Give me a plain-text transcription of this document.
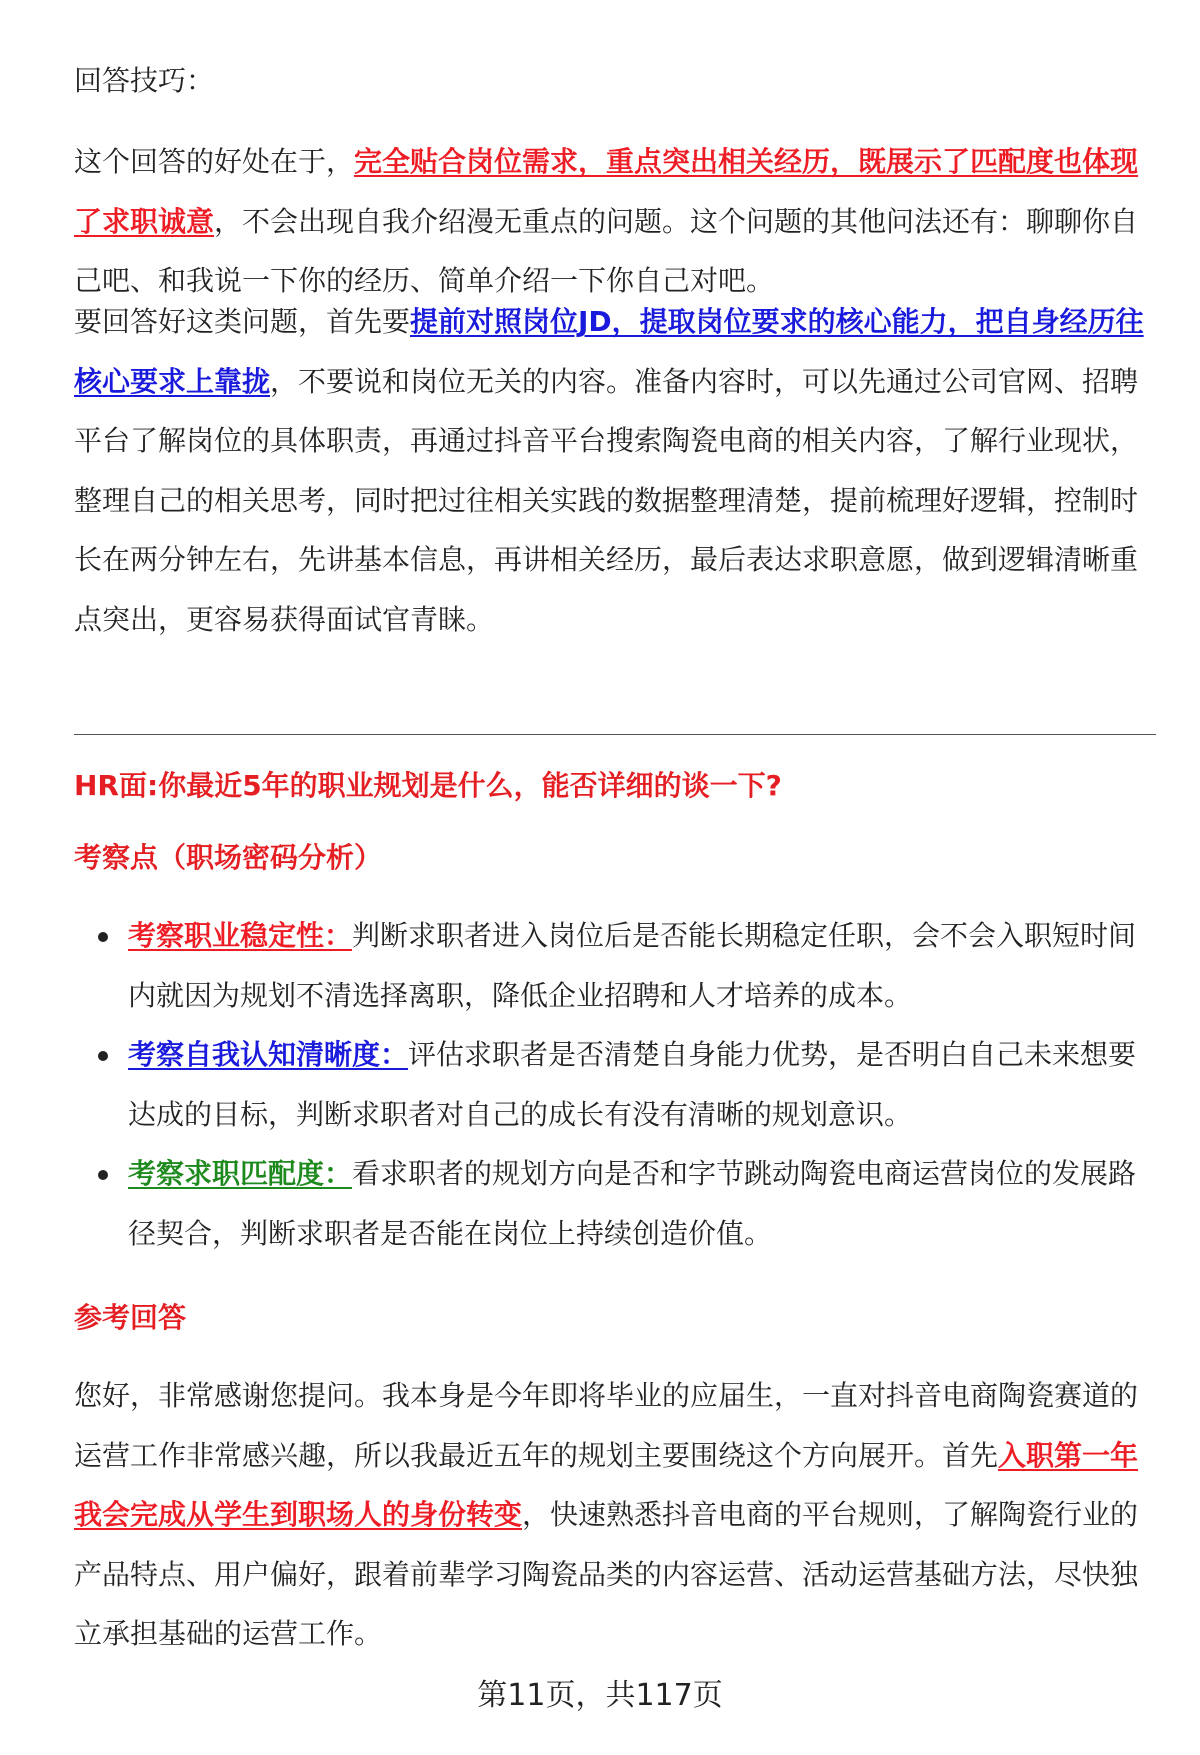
回答技巧：

这个回答的好处在于，完全贴合岗位需求，重点突出相关经历，既展示了匹配度也体现了求职诚意，不会出现自我介绍漫无重点的问题。这个问题的其他问法还有：聊聊你自己吧、和我说一下你的经历、简单介绍一下你自己对吧。

要回答好这类问题，首先要提前对照岗位JD，提取岗位要求的核心能力，把自身经历往核心要求上靠拢，不要说和岗位无关的内容。准备内容时，可以先通过公司官网、招聘平台了解岗位的具体职责，再通过抖音平台搜索陶瓷电商的相关内容，了解行业现状，整理自己的相关思考，同时把过往相关实践的数据整理清楚，提前梳理好逻辑，控制时长在两分钟左右，先讲基本信息，再讲相关经历，最后表达求职意愿，做到逻辑清晰重点突出，更容易获得面试官青睐。

HR面:你最近5年的职业规划是什么，能否详细的谈一下?
考察点（职场密码分析）
考察职业稳定性：判断求职者进入岗位后是否能长期稳定任职，会不会入职短时间内就因为规划不清选择离职，降低企业招聘和人才培养的成本。
考察自我认知清晰度：评估求职者是否清楚自身能力优势，是否明白自己未来想要达成的目标，判断求职者对自己的成长有没有清晰的规划意识。
考察求职匹配度：看求职者的规划方向是否和字节跳动陶瓷电商运营岗位的发展路径契合，判断求职者是否能在岗位上持续创造价值。
参考回答

您好，非常感谢您提问。我本身是今年即将毕业的应届生，一直对抖音电商陶瓷赛道的运营工作非常感兴趣，所以我最近五年的规划主要围绕这个方向展开。首先入职第一年我会完成从学生到职场人的身份转变，快速熟悉抖音电商的平台规则，了解陶瓷行业的产品特点、用户偏好，跟着前辈学习陶瓷品类的内容运营、活动运营基础方法，尽快独立承担基础的运营工作。

第11页，共117页
